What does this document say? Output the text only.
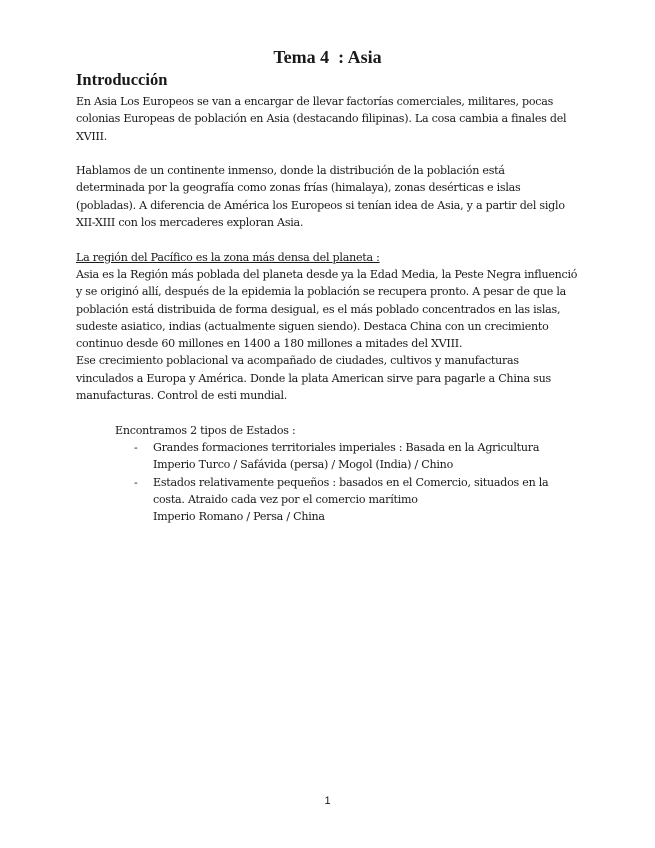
Tema 4  : Asia
Introducción

En Asia Los Europeos se van a encargar de llevar factorías comerciales, militares, pocas
colonias Europeas de población en Asia (destacando filipinas). La cosa cambia a finales del
XVIII.

Hablamos de un continente inmenso, donde la distribución de la población está
determinada por la geografía como zonas frías (himalaya), zonas desérticas e islas
(pobladas). A diferencia de América los Europeos si tenían idea de Asia, y a partir del siglo
XII-XIII con los mercaderes exploran Asia.

La región del Pacífico es la zona más densa del planeta :
Asia es la Región más poblada del planeta desde ya la Edad Media, la Peste Negra influenció
y se originó allí, después de la epidemia la población se recupera pronto. A pesar de que la
población está distribuida de forma desigual, es el más poblado concentrados en las islas,
sudeste asiatico, indias (actualmente siguen siendo). Destaca China con un crecimiento
continuo desde 60 millones en 1400 a 180 millones a mitades del XVIII.
Ese crecimiento poblacional va acompañado de ciudades, cultivos y manufacturas
vinculados a Europa y América. Donde la plata American sirve para pagarle a China sus
manufacturas. Control de esti mundial.

Encontramos 2 tipos de Estados :

- Grandes formaciones territoriales imperiales : Basada en la Agricultura
Imperio Turco / Safávida (persa) / Mogol (India) / Chino
- Estados relativamente pequeños : basados en el Comercio, situados en la
costa. Atraido cada vez por el comercio marítimo
Imperio Romano / Persa / China
1
